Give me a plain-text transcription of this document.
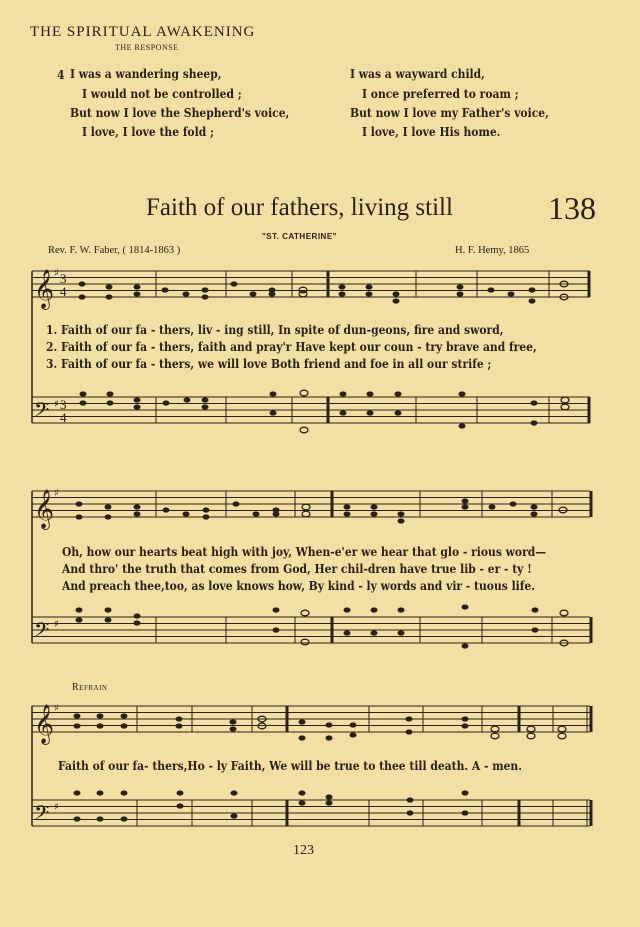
THE SPIRITUAL AWAKENING
THE RESPONSE
4 I was a wandering sheep,
I would not be controlled ;
But now I love the Shepherd's voice,
I love, I love the fold ;
I was a wayward child,
I once preferred to roam ;
But now I love my Father's voice,
I love, I love His home.
Faith of our fathers, living still	138
"ST. CATHERINE"
Rev. F. W. Faber, ( 1814-1863 )	H. F. Hemy, 1865
𝄞 ♯ 3
4
𝄢 ♯ 3
4
𝄞 ♯
𝄢 ♯
𝄞 ♯
𝄢 ♯
1. Faith of our fa - thers, liv - ing still, In spite of dun-geons, fire and sword,
2. Faith of our fa - thers, faith and pray'r Have kept our coun - try brave and free,
3. Faith of our fa - thers, we will love Both friend and foe in all our strife ;
Oh, how our hearts beat high with joy, When-e'er we hear that glo - rious word—
And thro' the truth that comes from God, Her chil-dren have true lib - er - ty !
And preach thee,too, as love knows how, By kind - ly words and vir - tuous life.
Refrain
Faith of our fa- thers,Ho - ly Faith, We will be true to thee till death. A - men.
123
